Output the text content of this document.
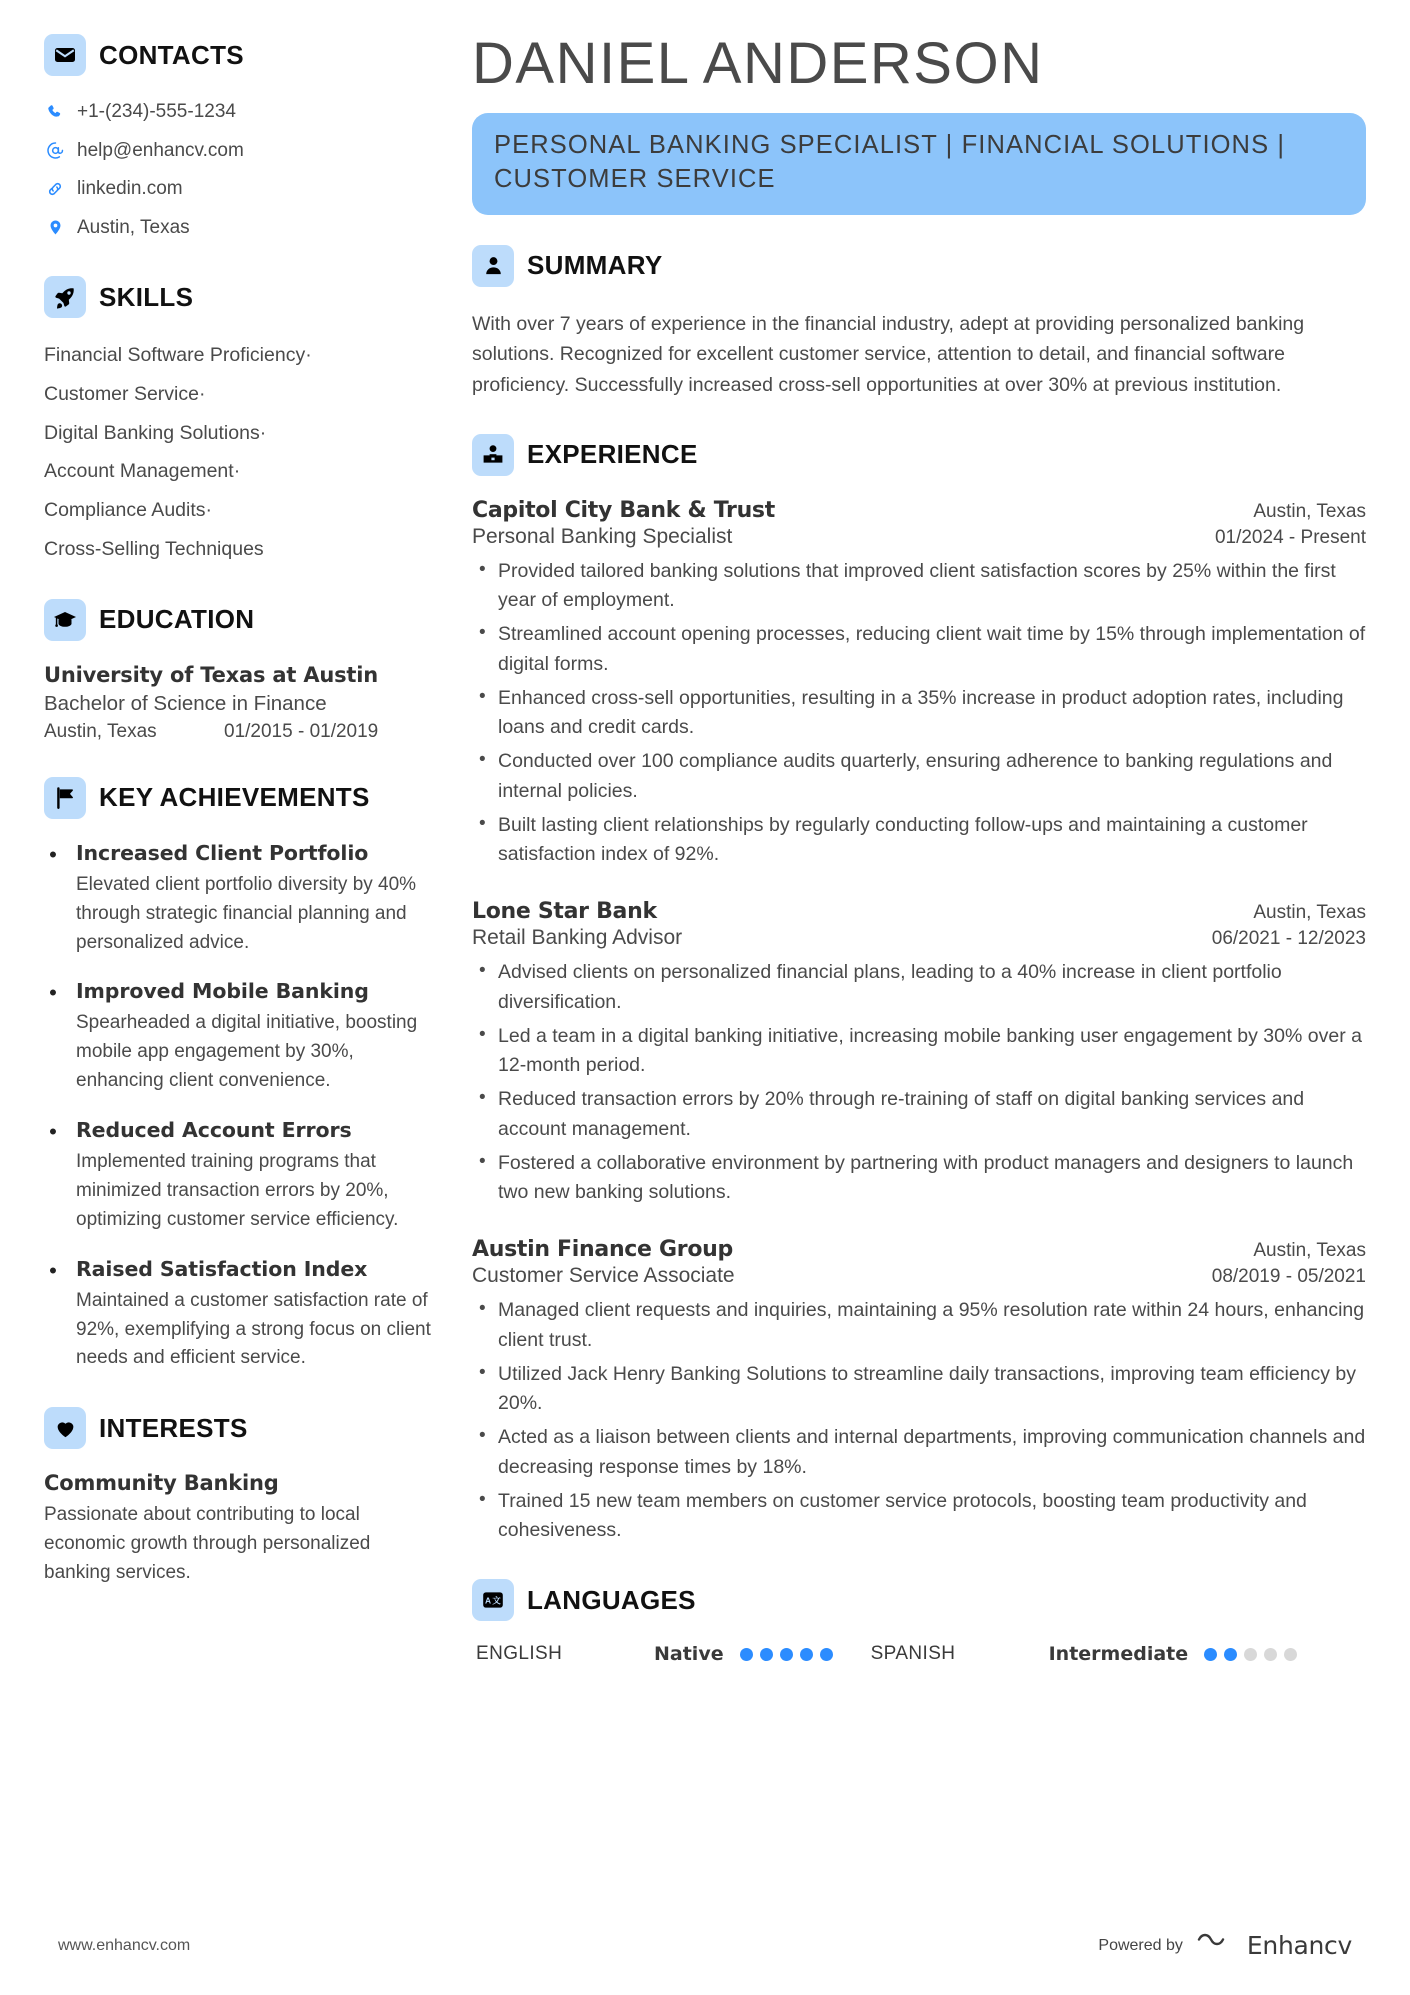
CONTACTS
+1-(234)-555-1234
help@enhancv.com
linkedin.com
Austin, Texas
SKILLS
Financial Software Proficiency·
Customer Service·
Digital Banking Solutions·
Account Management·
Compliance Audits·
Cross-Selling Techniques
EDUCATION
University of Texas at Austin
Bachelor of Science in Finance
Austin, Texas	01/2015 - 01/2019
KEY ACHIEVEMENTS
• Increased Client Portfolio
Elevated client portfolio diversity by 40% through strategic financial planning and personalized advice.
• Improved Mobile Banking
Spearheaded a digital initiative, boosting mobile app engagement by 30%, enhancing client convenience.
• Reduced Account Errors
Implemented training programs that minimized transaction errors by 20%, optimizing customer service efficiency.
• Raised Satisfaction Index
Maintained a customer satisfaction rate of 92%, exemplifying a strong focus on client needs and efficient service.
INTERESTS
Community Banking
Passionate about contributing to local economic growth through personalized banking services.
DANIEL ANDERSON
PERSONAL BANKING SPECIALIST | FINANCIAL SOLUTIONS | CUSTOMER SERVICE
SUMMARY
With over 7 years of experience in the financial industry, adept at providing personalized banking solutions. Recognized for excellent customer service, attention to detail, and financial software proficiency. Successfully increased cross-sell opportunities at over 30% at previous institution.
EXPERIENCE
Capitol City Bank & Trust	Austin, Texas
Personal Banking Specialist	01/2024 - Present
• Provided tailored banking solutions that improved client satisfaction scores by 25% within the first year of employment.
• Streamlined account opening processes, reducing client wait time by 15% through implementation of digital forms.
• Enhanced cross-sell opportunities, resulting in a 35% increase in product adoption rates, including loans and credit cards.
• Conducted over 100 compliance audits quarterly, ensuring adherence to banking regulations and internal policies.
• Built lasting client relationships by regularly conducting follow-ups and maintaining a customer satisfaction index of 92%.
Lone Star Bank	Austin, Texas
Retail Banking Advisor	06/2021 - 12/2023
• Advised clients on personalized financial plans, leading to a 40% increase in client portfolio diversification.
• Led a team in a digital banking initiative, increasing mobile banking user engagement by 30% over a 12-month period.
• Reduced transaction errors by 20% through re-training of staff on digital banking services and account management.
• Fostered a collaborative environment by partnering with product managers and designers to launch two new banking solutions.
Austin Finance Group	Austin, Texas
Customer Service Associate	08/2019 - 05/2021
• Managed client requests and inquiries, maintaining a 95% resolution rate within 24 hours, enhancing client trust.
• Utilized Jack Henry Banking Solutions to streamline daily transactions, improving team efficiency by 20%.
• Acted as a liaison between clients and internal departments, improving communication channels and decreasing response times by 18%.
• Trained 15 new team members on customer service protocols, boosting team productivity and cohesiveness.
A 文 LANGUAGES
ENGLISH	Native	SPANISH	Intermediate
www.enhancv.com	Powered by	Enhancv
